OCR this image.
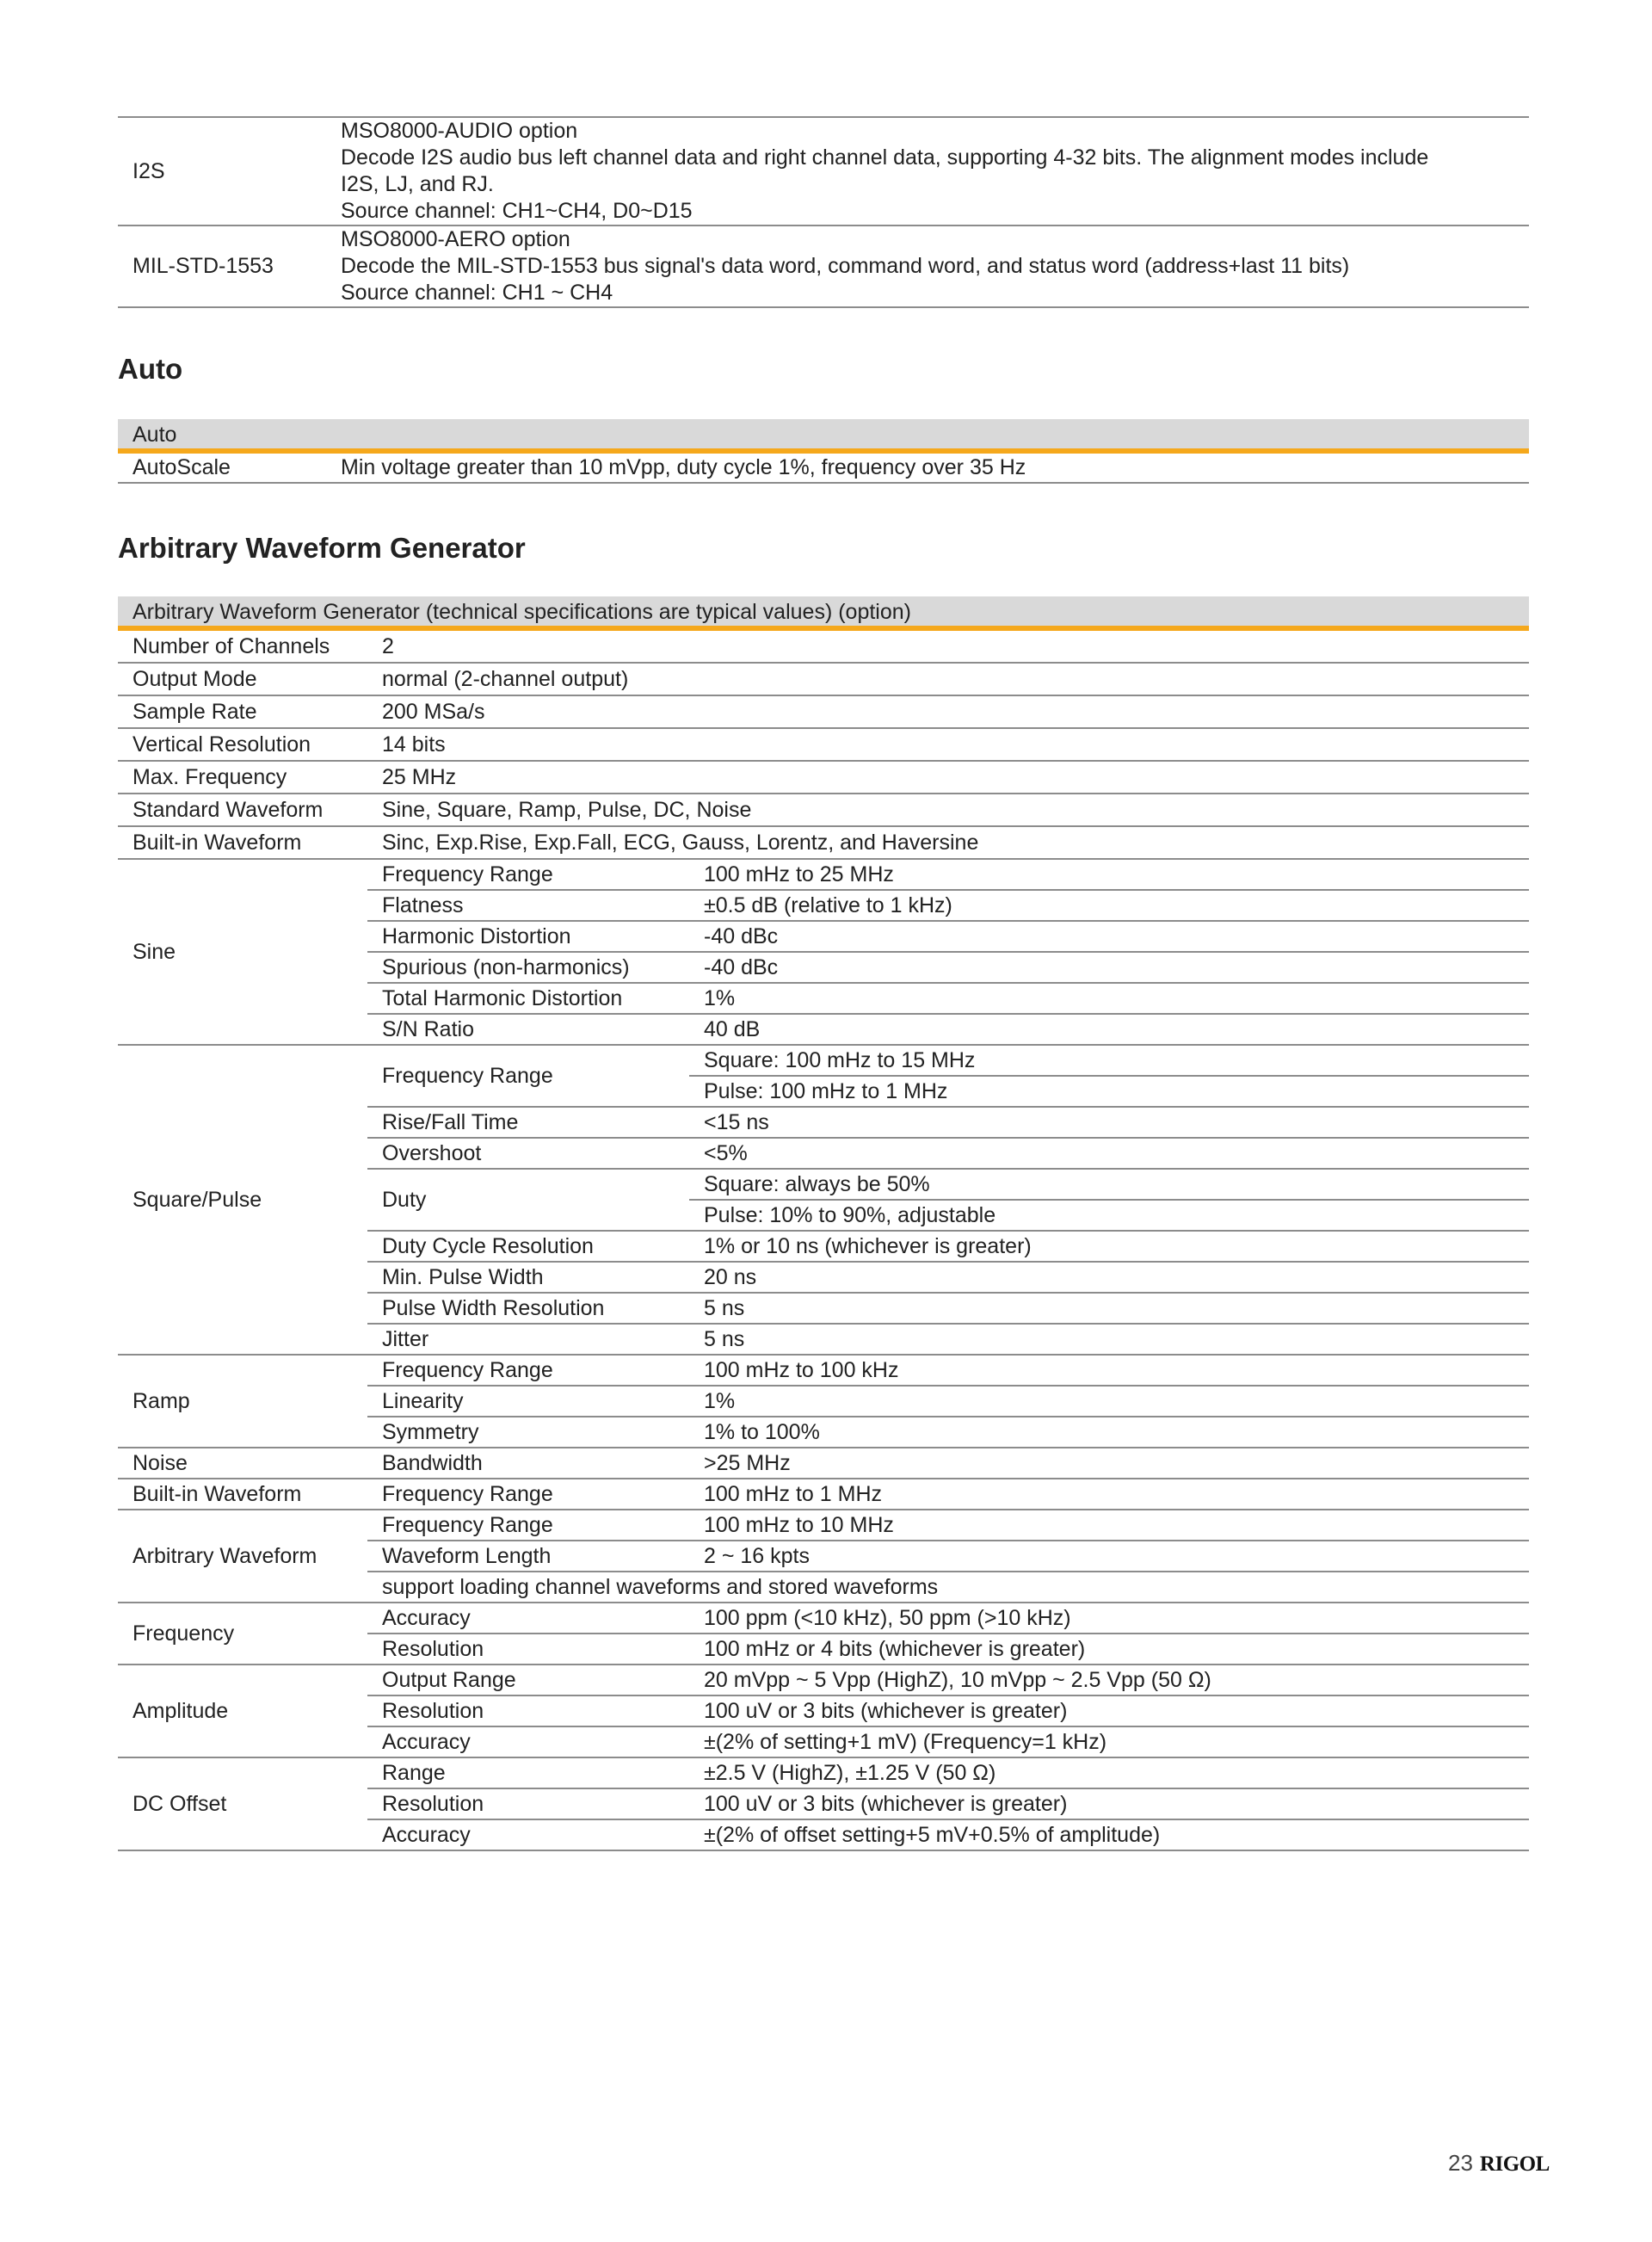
I2S	MSO8000-AUDIO option
Decode I2S audio bus left channel data and right channel data, supporting 4-32 bits. The alignment modes include
I2S, LJ, and RJ.
Source channel: CH1~CH4, D0~D15

MIL-STD-1553	MSO8000-AERO option
Decode the MIL-STD-1553 bus signal's data word, command word, and status word (address+last 11 bits)
Source channel: CH1 ~ CH4
Auto
Auto
AutoScale	Min voltage greater than 10 mVpp, duty cycle 1%, frequency over 35 Hz
Arbitrary Waveform Generator
Arbitrary Waveform Generator (technical specifications are typical values) (option)
Number of Channels	2	
Output Mode	normal (2-channel output)	
Sample Rate	200 MSa/s	
Vertical Resolution	14 bits	
Max. Frequency	25 MHz	
Standard Waveform	Sine, Square, Ramp, Pulse, DC, Noise	
Built-in Waveform	Sinc, Exp.Rise, Exp.Fall, ECG, Gauss, Lorentz, and Haversine	
Sine	Frequency Range	100 mHz to 25 MHz
	Flatness	±0.5 dB (relative to 1 kHz)
	Harmonic Distortion	-40 dBc
	Spurious (non-harmonics)	-40 dBc
	Total Harmonic Distortion	1%
	S/N Ratio	40 dB
Square/Pulse	Frequency Range	Square: 100 mHz to 15 MHz
		Pulse: 100 mHz to 1 MHz
	Rise/Fall Time	<15 ns
	Overshoot	<5%
	Duty	Square: always be 50%
		Pulse: 10% to 90%, adjustable
	Duty Cycle Resolution	1% or 10 ns (whichever is greater)
	Min. Pulse Width	20 ns
	Pulse Width Resolution	5 ns
	Jitter	5 ns
Ramp	Frequency Range	100 mHz to 100 kHz
	Linearity	1%
	Symmetry	1% to 100%
Noise	Bandwidth	>25 MHz
Built-in Waveform	Frequency Range	100 mHz to 1 MHz
Arbitrary Waveform	Frequency Range	100 mHz to 10 MHz
	Waveform Length	2 ~ 16 kpts
	support loading channel waveforms and stored waveforms	
Frequency	Accuracy	100 ppm (<10 kHz), 50 ppm (>10 kHz)
	Resolution	100 mHz or 4 bits (whichever is greater)
Amplitude	Output Range	20 mVpp ~ 5 Vpp (HighZ), 10 mVpp ~ 2.5 Vpp (50 Ω)
	Resolution	100 uV or 3 bits (whichever is greater)
	Accuracy	±(2% of setting+1 mV) (Frequency=1 kHz)
DC Offset	Range	±2.5 V (HighZ), ±1.25 V (50 Ω)
	Resolution	100 uV or 3 bits (whichever is greater)
	Accuracy	±(2% of offset setting+5 mV+0.5% of amplitude)
23 RIGOL
